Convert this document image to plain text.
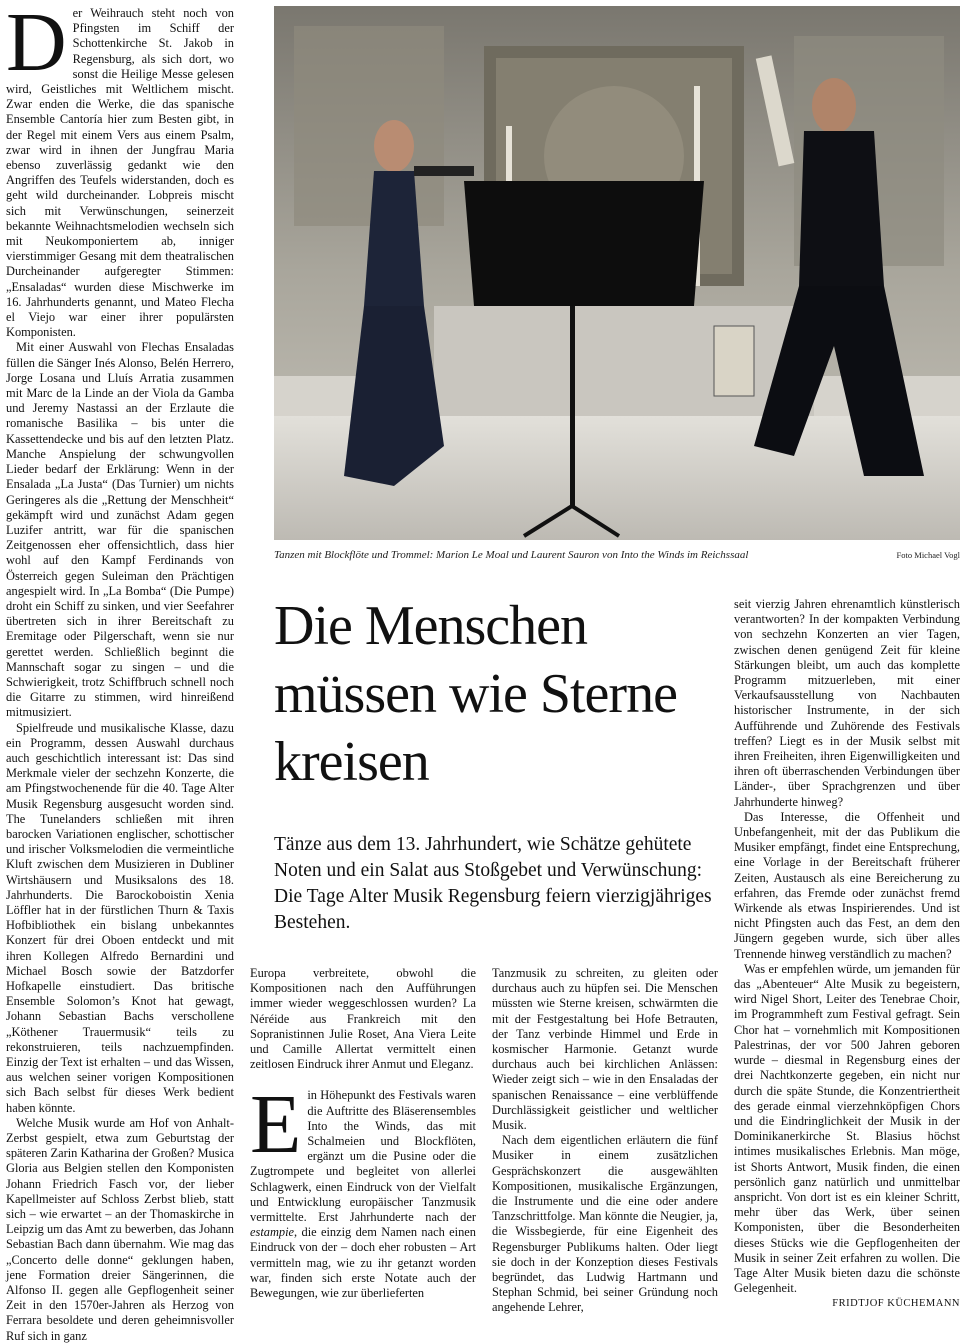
Der Weihrauch steht noch von Pfingsten im Schiff der Schottenkirche St. Jakob in Regensburg, als sich dort, wo sonst die Heilige Messe gelesen wird, Geistliches mit Weltlichem mischt. Zwar enden die Werke, die das spanische Ensemble Cantoría hier zum Besten gibt, in der Regel mit einem Vers aus einem Psalm, zwar wird in ihnen der Jungfrau Maria ebenso zuverlässig gedankt wie den Angriffen des Teufels widerstanden, doch es geht wild durcheinander. Lobpreis mischt sich mit Verwünschungen, seinerzeit bekannte Weihnachtsmelodien wechseln sich mit Neukomponiertem ab, inniger vierstimmiger Gesang mit dem theatralischen Durcheinander aufgeregter Stimmen: „Ensaladas“ wurden diese Mischwerke im 16. Jahrhunderts genannt, und Mateo Flecha el Viejo war einer ihrer populärsten Komponisten.

Mit einer Auswahl von Flechas Ensaladas füllen die Sänger Inés Alonso, Belén Herrero, Jorge Losana und Lluís Arratia zusammen mit Marc de la Linde an der Viola da Gamba und Jeremy Nastassi an der Erzlaute die romanische Basilika – bis unter die Kassettendecke und bis auf den letzten Platz. Manche Anspielung der schwungvollen Lieder bedarf der Erklärung: Wenn in der Ensalada „La Justa“ (Das Turnier) um nichts Geringeres als die „Rettung der Menschheit“ gekämpft wird und zunächst Adam gegen Luzifer antritt, war für die spanischen Zeitgenossen eher offensichtlich, dass hier wohl auf den Kampf Ferdinands von Österreich gegen Suleiman den Prächtigen angespielt wird. In „La Bomba“ (Die Pumpe) droht ein Schiff zu sinken, und vier Seefahrer übertreten sich in ihrer Bereitschaft zu Eremitage oder Pilgerschaft, wenn sie nur gerettet werden. Schließlich beginnt die Mannschaft sogar zu singen – und die Schwierigkeit, trotz Schiffbruch schnell noch die Gitarre zu stimmen, wird hinreißend mitmusiziert.

Spielfreude und musikalische Klasse, dazu ein Programm, dessen Auswahl durchaus auch geschichtlich interessant ist: Das sind Merkmale vieler der sechzehn Konzerte, die am Pfingstwochenende für die 40. Tage Alter Musik Regensburg ausgesucht worden sind. The Tunelanders schließen mit ihren barocken Variationen englischer, schottischer und irischer Volksmelodien die vermeintliche Kluft zwischen dem Musizieren in Dubliner Wirtshäusern und Musiksalons des 18. Jahrhunderts. Die Barockoboistin Xenia Löffler hat in der fürstlichen Thurn & Taxis Hofbibliothek ein bislang unbekanntes Konzert für drei Oboen entdeckt und mit ihren Kollegen Alfredo Bernardini und Michael Bosch sowie der Batzdorfer Hofkapelle einstudiert. Das britische Ensemble Solomon’s Knot hat gewagt, Johann Sebastian Bachs verschollene „Köthener Trauermusik“ teils zu rekonstruieren, teils nachzuempfinden. Einzig der Text ist erhalten – und das Wissen, aus welchen seiner vorigen Kompositionen sich Bach selbst für dieses Werk bedient haben könnte.

Welche Musik wurde am Hof von Anhalt-Zerbst gespielt, etwa zum Geburtstag der späteren Zarin Katharina der Großen? Musica Gloria aus Belgien stellen den Komponisten Johann Friedrich Fasch vor, der lieber Kapellmeister auf Schloss Zerbst blieb, statt sich – wie erwartet – an der Thomaskirche in Leipzig um das Amt zu bewerben, das Johann Sebastian Bach dann übernahm. Wie mag das „Concerto delle donne“ geklungen haben, jene Formation dreier Sängerinnen, die Alfonso II. gegen alle Gepflogenheit seiner Zeit in den 1570er-Jahren als Herzog von Ferrara besoldete und deren geheimnisvoller Ruf sich in ganz

Tanzen mit Blockflöte und Trommel: Marion Le Moal und Laurent Sauron von Into the Winds im Reichssaal	Foto Michael Vogl
Die Menschen müssen wie Sterne kreisen
Tänze aus dem 13. Jahrhundert, wie Schätze gehütete Noten und ein Salat aus Stoßgebet und Verwünschung: Die Tage Alter Musik Regensburg feiern vierzigjähriges Bestehen.

Europa verbreitete, obwohl die Kompositionen nach den Aufführungen immer wieder weggeschlossen wurden? La Néréide aus Frankreich mit den Sopranistinnen Julie Roset, Ana Viera Leite und Camille Allertat vermittelt einen zeitlosen Eindruck ihrer Anmut und Eleganz.

Ein Höhepunkt des Festivals waren die Auftritte des Bläserensembles Into the Winds, das mit Schalmeien und Blockflöten, ergänzt um die Pusine oder die Zugtrompete und begleitet von allerlei Schlagwerk, einen Eindruck von der Vielfalt und Entwicklung europäischer Tanzmusik vermittelte. Erst Jahrhunderte nach der estampie, die einzig dem Namen nach einen Eindruck von der – doch eher robusten – Art vermitteln mag, wie zu ihr getanzt worden war, finden sich erste Notate auch der Bewegungen, wie zur überlieferten

Tanzmusik zu schreiten, zu gleiten oder durchaus auch zu hüpfen sei. Die Menschen müssten wie Sterne kreisen, schwärmten die mit der Festgestaltung bei Hofe Betrauten, der Tanz verbinde Himmel und Erde in kosmischer Harmonie. Getanzt wurde durchaus auch bei kirchlichen Anlässen: Wieder zeigt sich – wie in den Ensaladas der spanischen Renaissance – eine verblüffende Durchlässigkeit geistlicher und weltlicher Musik.

Nach dem eigentlichen erläutern die fünf Musiker in einem zusätzlichen Gesprächskonzert die ausgewählten Kompositionen, musikalische Ergänzungen, die Instrumente und die eine oder andere Tanzschrittfolge. Man könnte die Neugier, ja, die Wissbegierde, für eine Eigenheit des Regensburger Publikums halten. Oder liegt sie doch in der Konzeption dieses Festivals begründet, das Ludwig Hartmann und Stephan Schmid, bei seiner Gründung noch angehende Lehrer,

seit vierzig Jahren ehrenamtlich künstlerisch verantworten? In der kompakten Verbindung von sechzehn Konzerten an vier Tagen, zwischen denen genügend Zeit für kleine Stärkungen bleibt, um auch das komplette Programm mitzuerleben, mit einer Verkaufsausstellung von Nachbauten historischer Instrumente, in der sich Aufführende und Zuhörende des Festivals treffen? Liegt es in der Musik selbst mit ihren Freiheiten, ihren Eigenwilligkeiten und ihren oft überraschenden Verbindungen über Länder-, über Sprachgrenzen und über Jahrhunderte hinweg?

Das Interesse, die Offenheit und Unbefangenheit, mit der das Publikum die Musiker empfängt, findet eine Entsprechung, eine Vorlage in der Bereitschaft früherer Zeiten, Austausch als eine Bereicherung zu erfahren, das Fremde oder zunächst fremd Wirkende als etwas Inspirierendes. Und ist nicht Pfingsten auch das Fest, an dem den Jüngern gegeben wurde, sich über alles Trennende hinweg verständlich zu machen?

Was er empfehlen würde, um jemanden für das „Abenteuer“ Alte Musik zu begeistern, wird Nigel Short, Leiter des Tenebrae Choir, im Programmheft zum Festival gefragt. Sein Chor hat – vornehmlich mit Kompositionen Palestrinas, der vor 500 Jahren geboren wurde – diesmal in Regensburg eines der drei Nachtkonzerte gegeben, ein nicht nur durch die späte Stunde, die Konzentriertheit des gerade einmal vierzehnköpfigen Chors und die Eindringlichkeit der Musik in der Dominikanerkirche St. Blasius höchst intimes musikalisches Erlebnis. Man möge, ist Shorts Antwort, Musik finden, die einen persönlich ganz natürlich und unmittelbar anspricht. Von dort ist es ein kleiner Schritt, mehr über das Werk, über seinen Komponisten, über die Besonderheiten dieses Stücks wie die Gepflogenheiten der Musik in seiner Zeit erfahren zu wollen. Die Tage Alter Musik bieten dazu die schönste Gelegenheit.

FRIDTJOF KÜCHEMANN
